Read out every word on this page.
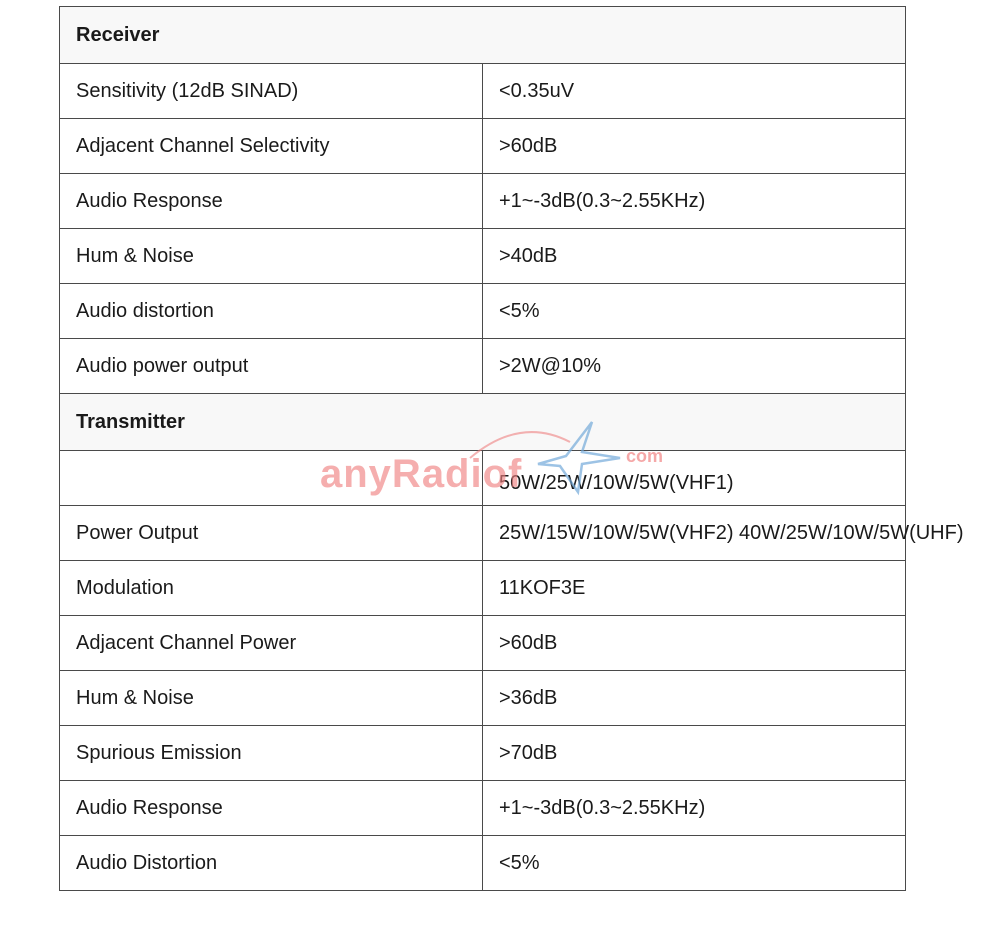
Receiver	
Sensitivity (12dB SINAD)	<0.35uV
Adjacent Channel Selectivity	>60dB
Audio Response	+1~-3dB(0.3~2.55KHz)
Hum & Noise	>40dB
Audio distortion	<5%
Audio power output	>2W@10%
Transmitter	
	50W/25W/10W/5W(VHF1)
Power Output	25W/15W/10W/5W(VHF2) 40W/25W/10W/5W(UHF)
Modulation	11KOF3E
Adjacent Channel Power	>60dB
Hum & Noise	>36dB
Spurious Emission	>70dB
Audio Response	+1~-3dB(0.3~2.55KHz)
Audio Distortion	<5%
anyRadiof	com
